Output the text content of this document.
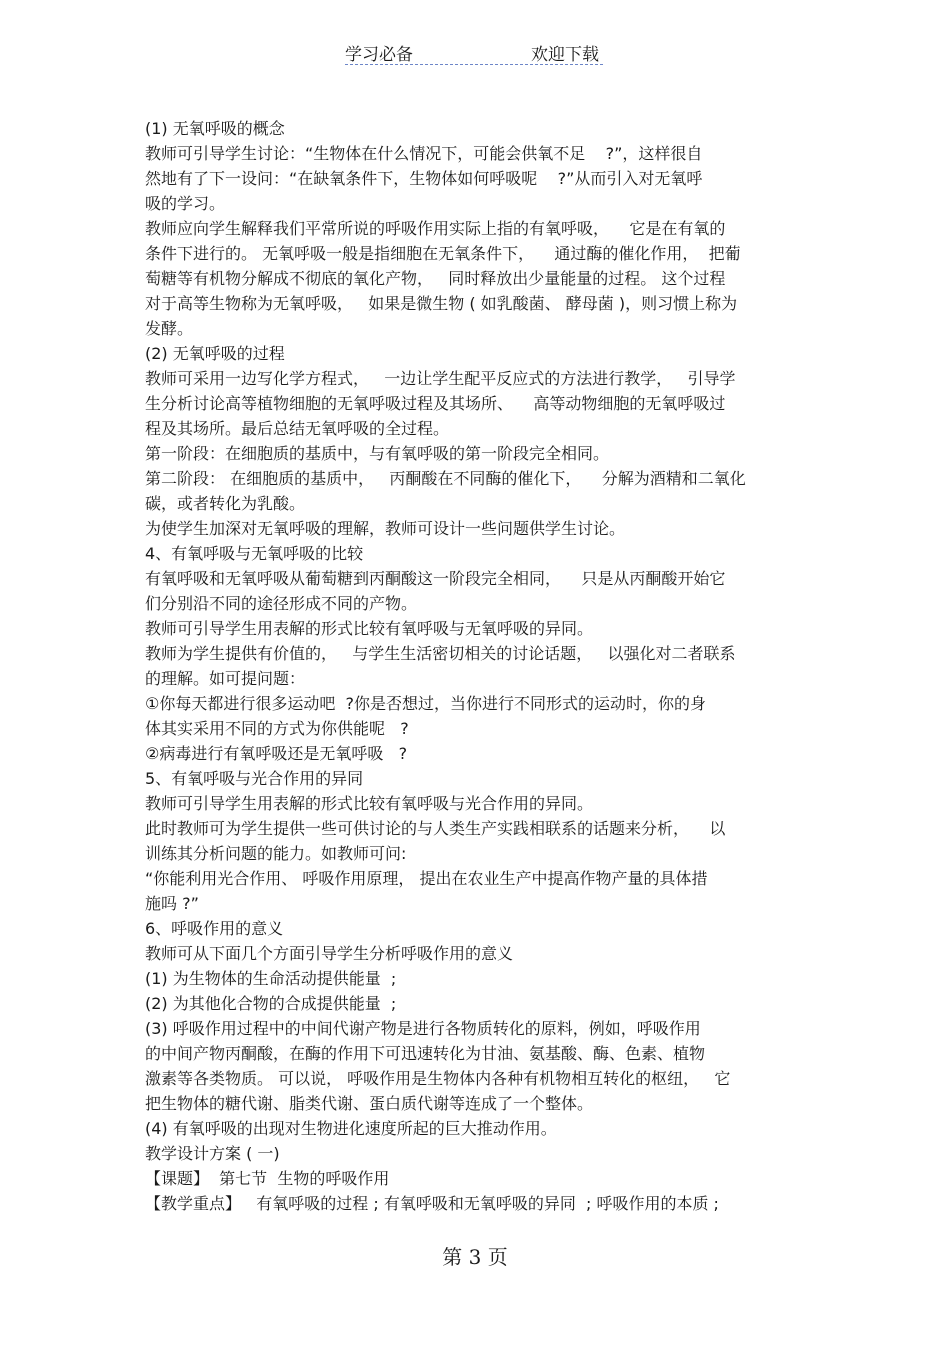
学习必备	欢迎下载
(1) 无氧呼吸的概念
教师可引导学生讨论：“生物体在什么情况下，可能会供氧不足    ?”，这样很自
然地有了下一设问：“在缺氧条件下，生物体如何呼吸呢    ?”从而引入对无氧呼
吸的学习。
教师应向学生解释我们平常所说的呼吸作用实际上指的有氧呼吸，    它是在有氧的
条件下进行的。 无氧呼吸一般是指细胞在无氧条件下，    通过酶的催化作用，  把葡
萄糖等有机物分解成不彻底的氧化产物，   同时释放出少量能量的过程。 这个过程
对于高等生物称为无氧呼吸，   如果是微生物 ( 如乳酸菌、 酵母菌 )，则习惯上称为
发酵。
(2) 无氧呼吸的过程
教师可采用一边写化学方程式，   一边让学生配平反应式的方法进行教学，   引导学
生分析讨论高等植物细胞的无氧呼吸过程及其场所、    高等动物细胞的无氧呼吸过
程及其场所。最后总结无氧呼吸的全过程。
第一阶段：在细胞质的基质中，与有氧呼吸的第一阶段完全相同。
第二阶段： 在细胞质的基质中，   丙酮酸在不同酶的催化下，    分解为酒精和二氧化
碳，或者转化为乳酸。
为使学生加深对无氧呼吸的理解，教师可设计一些问题供学生讨论。
4、有氧呼吸与无氧呼吸的比较
有氧呼吸和无氧呼吸从葡萄糖到丙酮酸这一阶段完全相同，    只是从丙酮酸开始它
们分别沿不同的途径形成不同的产物。
教师可引导学生用表解的形式比较有氧呼吸与无氧呼吸的异同。
教师为学生提供有价值的，   与学生生活密切相关的讨论话题，   以强化对二者联系
的理解。如可提问题：
①你每天都进行很多运动吧  ?你是否想过，当你进行不同形式的运动时，你的身
体其实采用不同的方式为你供能呢   ?
②病毒进行有氧呼吸还是无氧呼吸   ?
5、有氧呼吸与光合作用的异同
教师可引导学生用表解的形式比较有氧呼吸与光合作用的异同。
此时教师可为学生提供一些可供讨论的与人类生产实践相联系的话题来分析，    以
训练其分析问题的能力。如教师可问:
“你能利用光合作用、 呼吸作用原理， 提出在农业生产中提高作物产量的具体措
施吗 ?”
6、呼吸作用的意义
教师可从下面几个方面引导学生分析呼吸作用的意义
(1) 为生物体的生命活动提供能量  ;
(2) 为其他化合物的合成提供能量  ;
(3) 呼吸作用过程中的中间代谢产物是进行各物质转化的原料，例如，呼吸作用
的中间产物丙酮酸，在酶的作用下可迅速转化为甘油、氨基酸、酶、色素、植物
激素等各类物质。 可以说， 呼吸作用是生物体内各种有机物相互转化的枢纽，   它
把生物体的糖代谢、脂类代谢、蛋白质代谢等连成了一个整体。
(4) 有氧呼吸的出现对生物进化速度所起的巨大推动作用。
教学设计方案 ( 一)
【课题】  第七节  生物的呼吸作用
【教学重点】   有氧呼吸的过程 ; 有氧呼吸和无氧呼吸的异同  ; 呼吸作用的本质 ;
第 3 页
